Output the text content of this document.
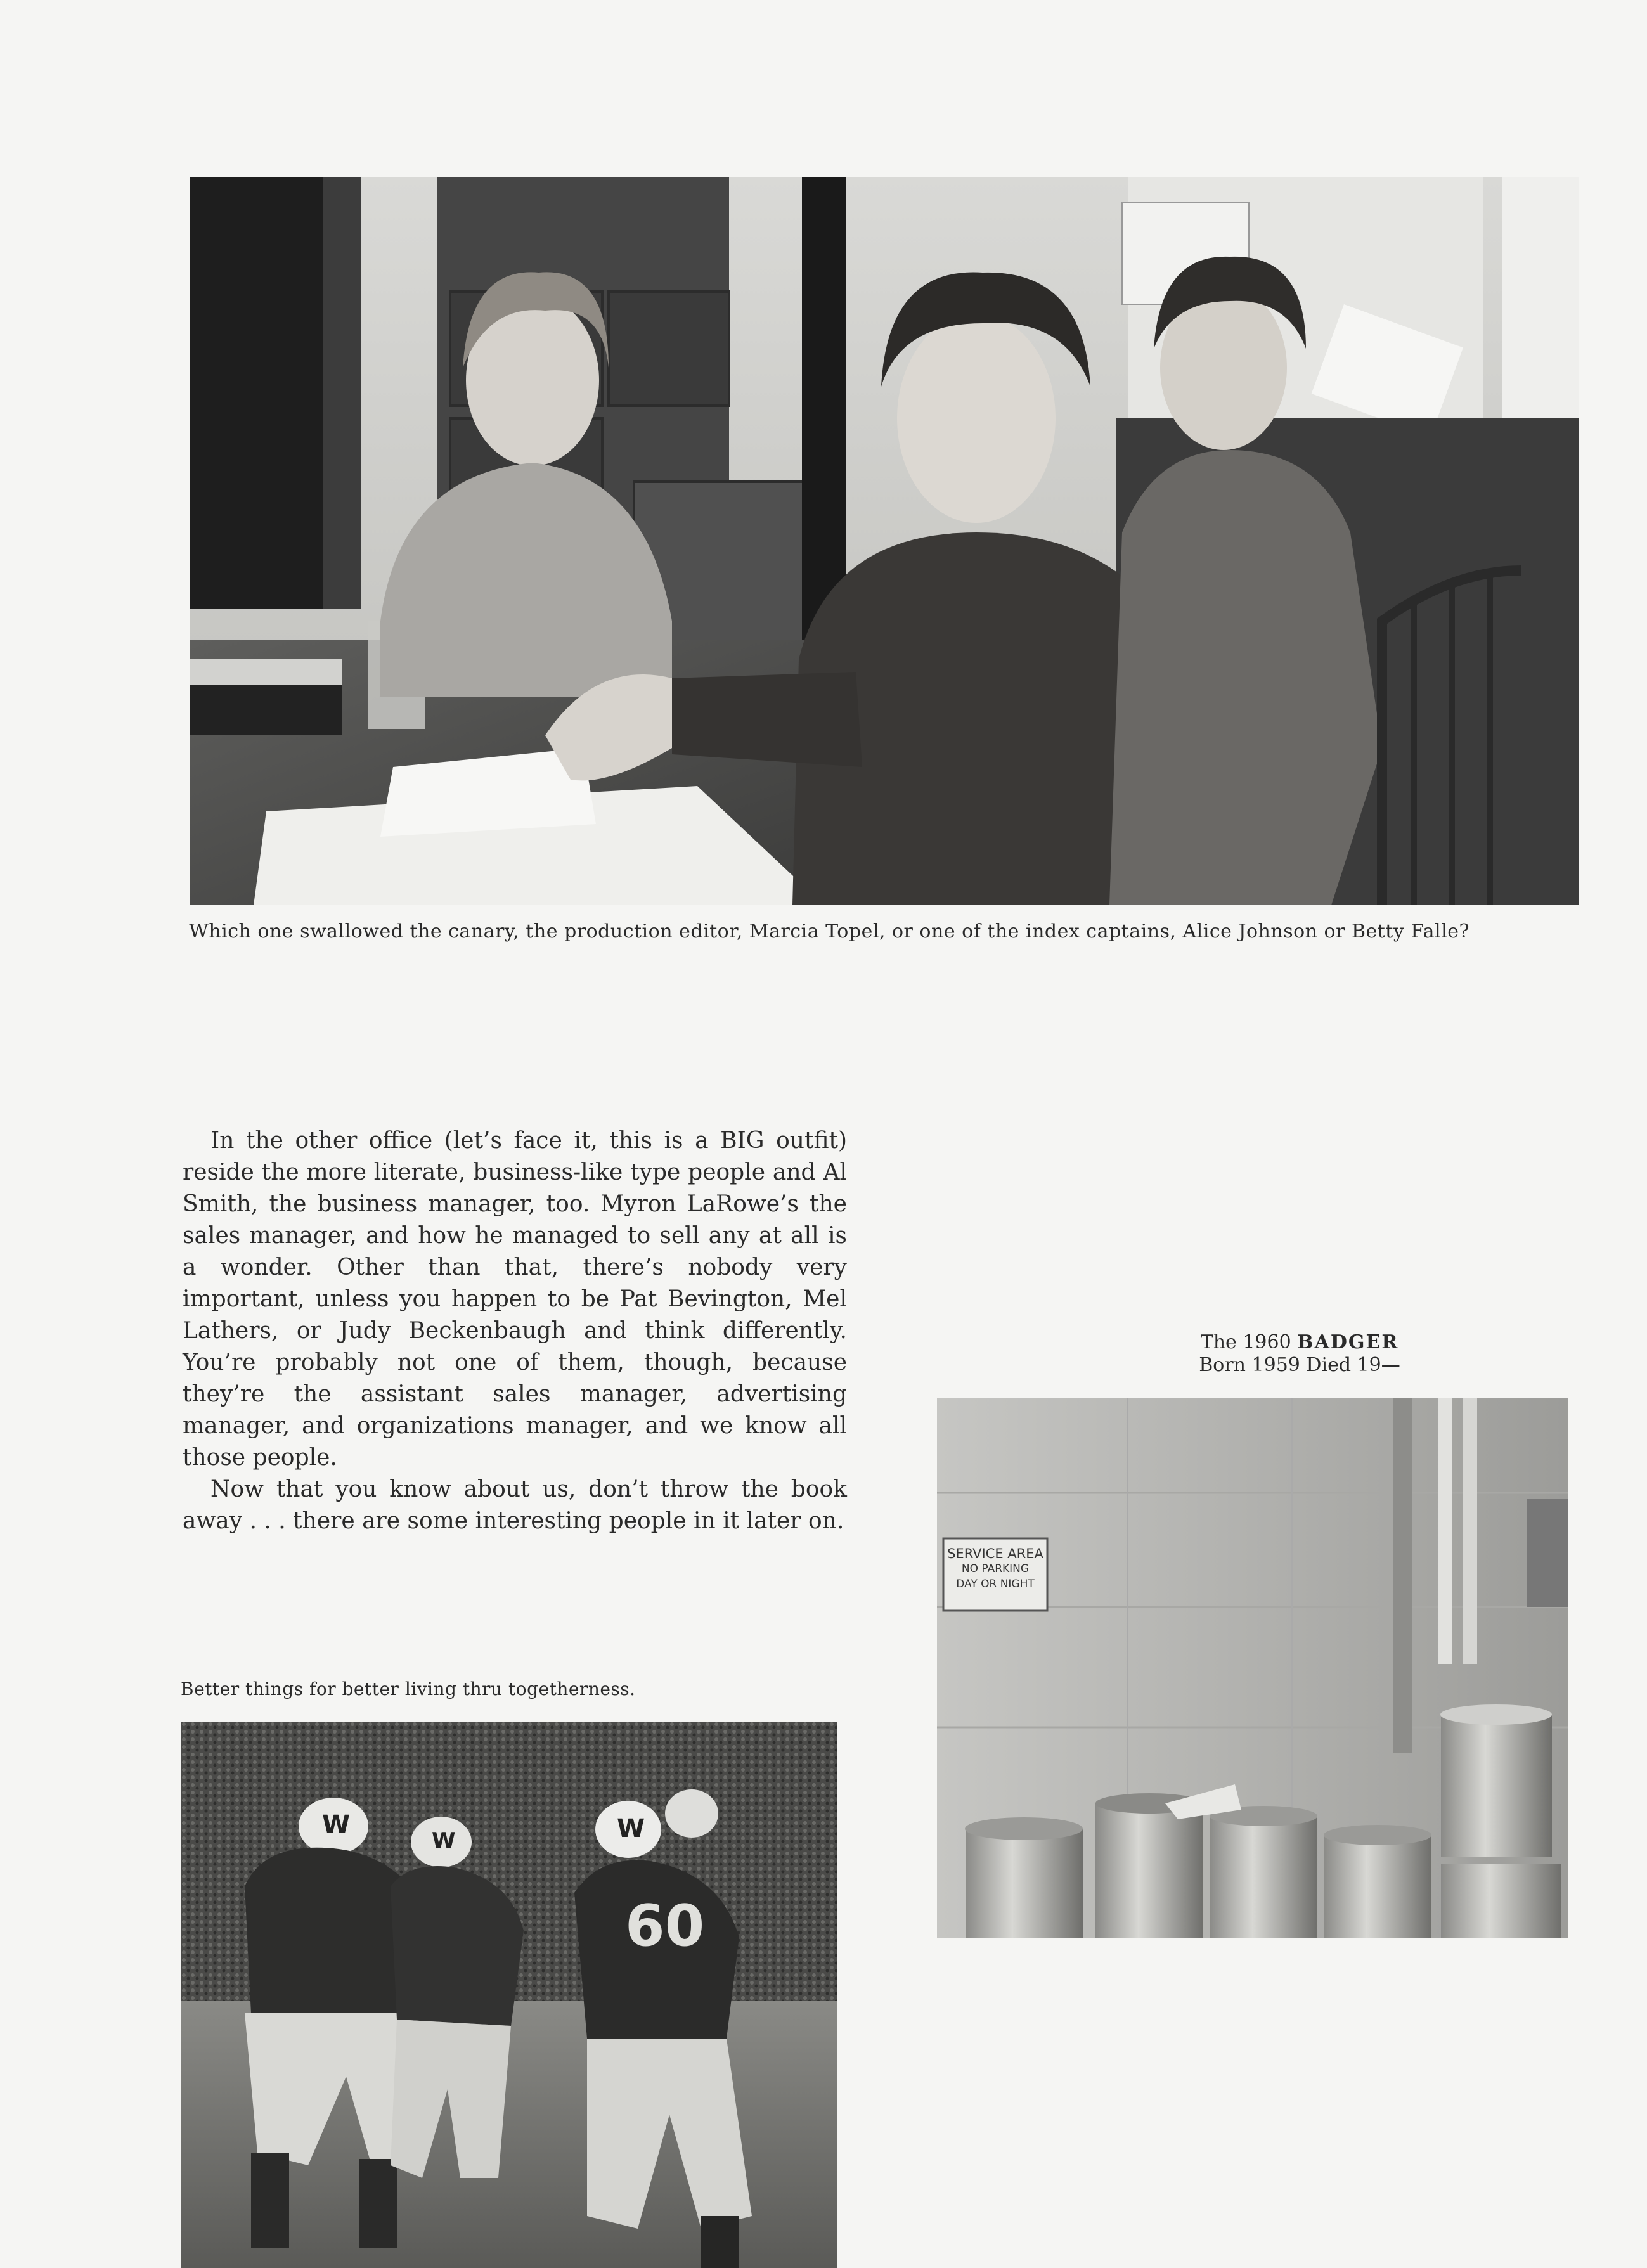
Which one swallowed the canary, the production editor, Marcia Topel, or one of the index captains, Alice Johnson or Betty Falle?

In the other office (let’s face it, this is a BIG outfit) reside the more literate, business-like type people and Al Smith, the business manager, too. Myron LaRowe’s the sales manager, and how he managed to sell any at all is a wonder. Other than that, there’s nobody very important, unless you happen to be Pat Bevington, Mel Lathers, or Judy Beckenbaugh and think differently. You’re probably not one of them, though, because they’re the assistant sales manager, advertising manager, and organizations manager, and we know all those people.

Now that you know about us, don’t throw the book away . . . there are some interesting people in it later on.

The 1960 BADGER
Born 1959 Died 19—
SERVICE AREA
NO PARKING
DAY OR NIGHT
Better things for better living thru togetherness.
W
W	W
60
